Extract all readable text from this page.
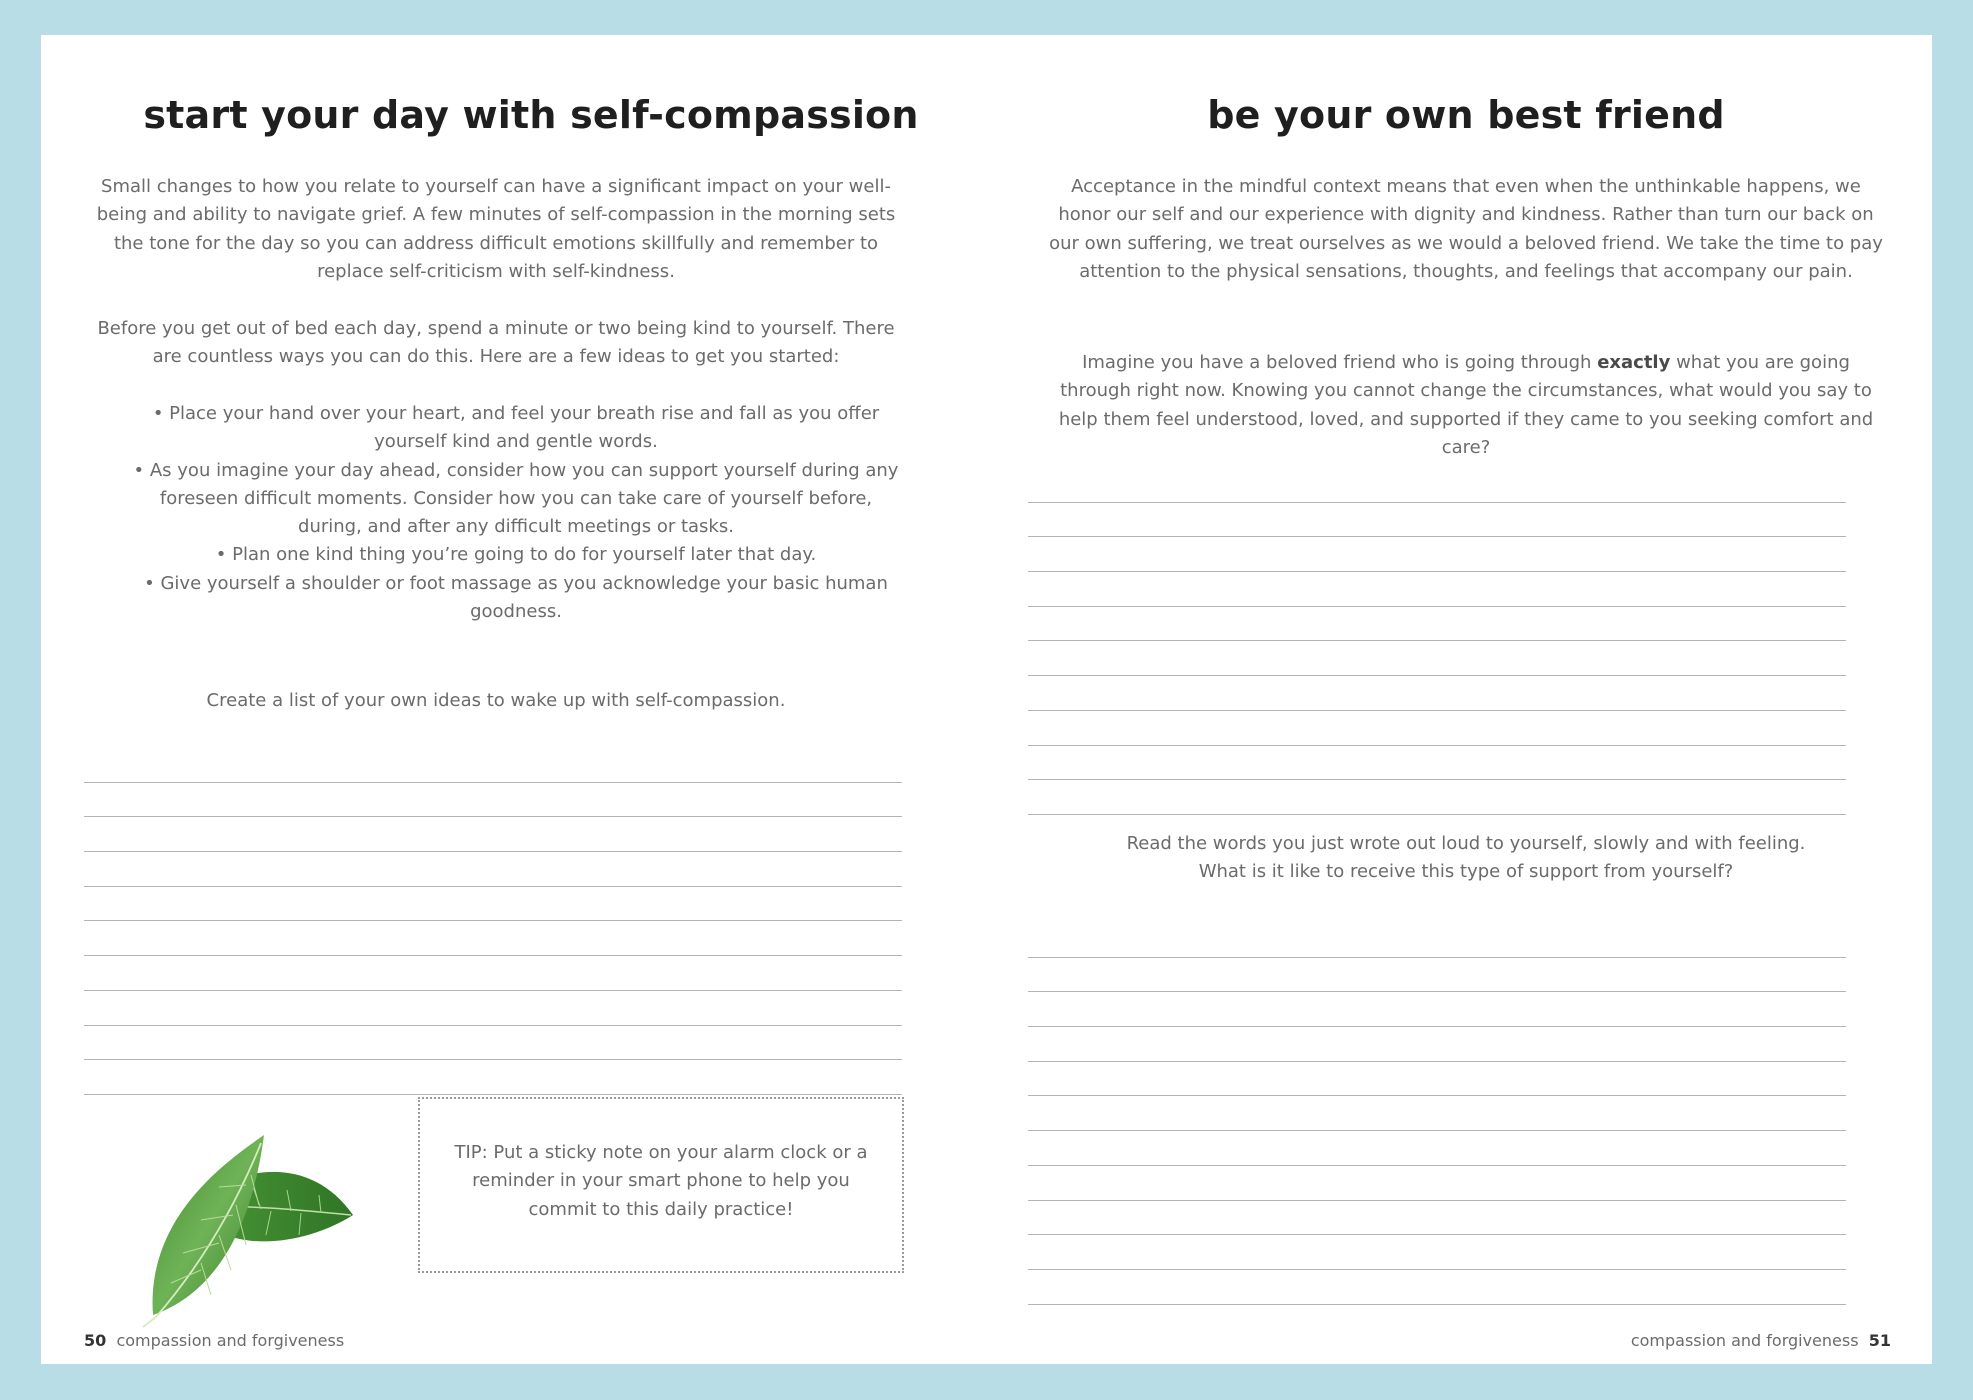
start your day with self-compassion

Small changes to how you relate to yourself can have a significant impact on your well-being and ability to navigate grief. A few minutes of self-compassion in the morning sets the tone for the day so you can address difficult emotions skillfully and remember to replace self-criticism with self-kindness.

Before you get out of bed each day, spend a minute or two being kind to yourself. There are countless ways you can do this. Here are a few ideas to get you started:

• Place your hand over your heart, and feel your breath rise and fall as you offer yourself kind and gentle words.
• As you imagine your day ahead, consider how you can support yourself during any foreseen difficult moments. Consider how you can take care of yourself before, during, and after any difficult meetings or tasks.
• Plan one kind thing you’re going to do for yourself later that day.
• Give yourself a shoulder or foot massage as you acknowledge your basic human goodness.

Create a list of your own ideas to wake up with self-compassion.

TIP: Put a sticky note on your alarm clock or a reminder in your smart phone to help you commit to this daily practice!
50 compassion and forgiveness
be your own best friend

Acceptance in the mindful context means that even when the unthinkable happens, we honor our self and our experience with dignity and kindness. Rather than turn our back on our own suffering, we treat ourselves as we would a beloved friend. We take the time to pay attention to the physical sensations, thoughts, and feelings that accompany our pain.

Imagine you have a beloved friend who is going through exactly what you are going through right now. Knowing you cannot change the circumstances, what would you say to help them feel understood, loved, and supported if they came to you seeking comfort and care?

Read the words you just wrote out loud to yourself, slowly and with feeling. What is it like to receive this type of support from yourself?

compassion and forgiveness 51
